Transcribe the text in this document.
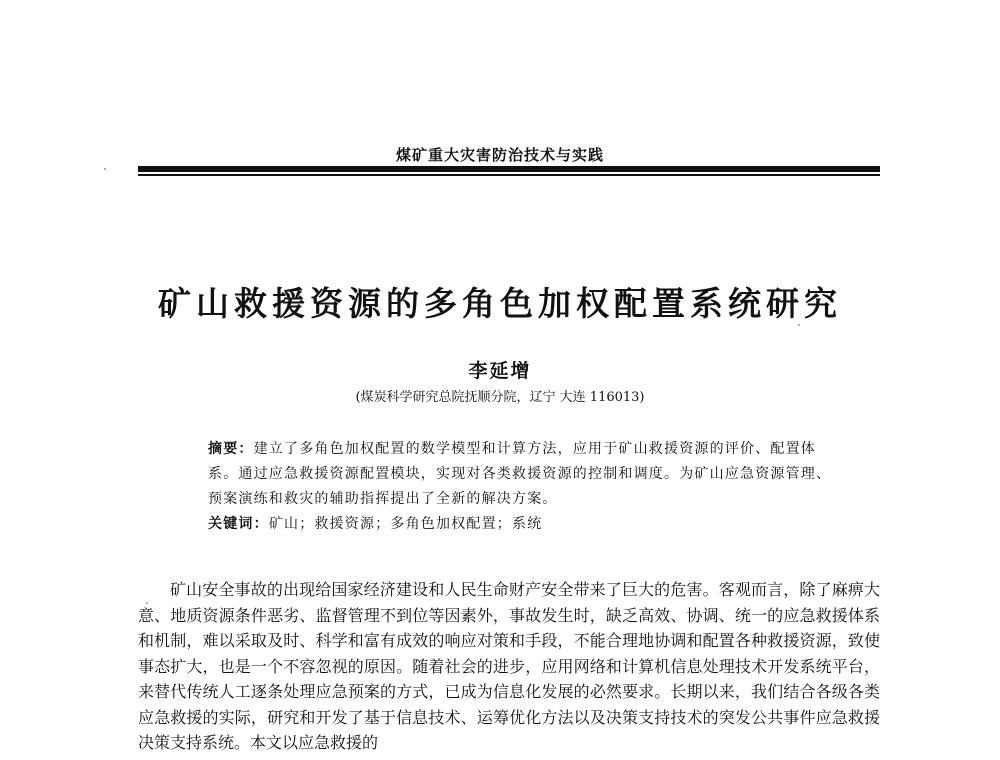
煤矿重大灾害防治技术与实践
矿山救援资源的多角色加权配置系统研究
李延增
(煤炭科学研究总院抚顺分院，辽宁 大连 116013)

摘要：建立了多角色加权配置的数学模型和计算方法，应用于矿山救援资源的评价、配置体系。通过应急救援资源配置模块，实现对各类救援资源的控制和调度。为矿山应急资源管理、预案演练和救灾的辅助指挥提出了全新的解决方案。

关键词：矿山；救援资源；多角色加权配置；系统

矿山安全事故的出现给国家经济建设和人民生命财产安全带来了巨大的危害。客观而言，除了麻痹大意、地质资源条件恶劣、监督管理不到位等因素外，事故发生时，缺乏高效、协调、统一的应急救援体系和机制，难以采取及时、科学和富有成效的响应对策和手段，不能合理地协调和配置各种救援资源，致使事态扩大，也是一个不容忽视的原因。随着社会的进步，应用网络和计算机信息处理技术开发系统平台，来替代传统人工逐条处理应急预案的方式，已成为信息化发展的必然要求。长期以来，我们结合各级各类应急救援的实际，研究和开发了基于信息技术、运筹优化方法以及决策支持技术的突发公共事件应急救援决策支持系统。本文以应急救援的
